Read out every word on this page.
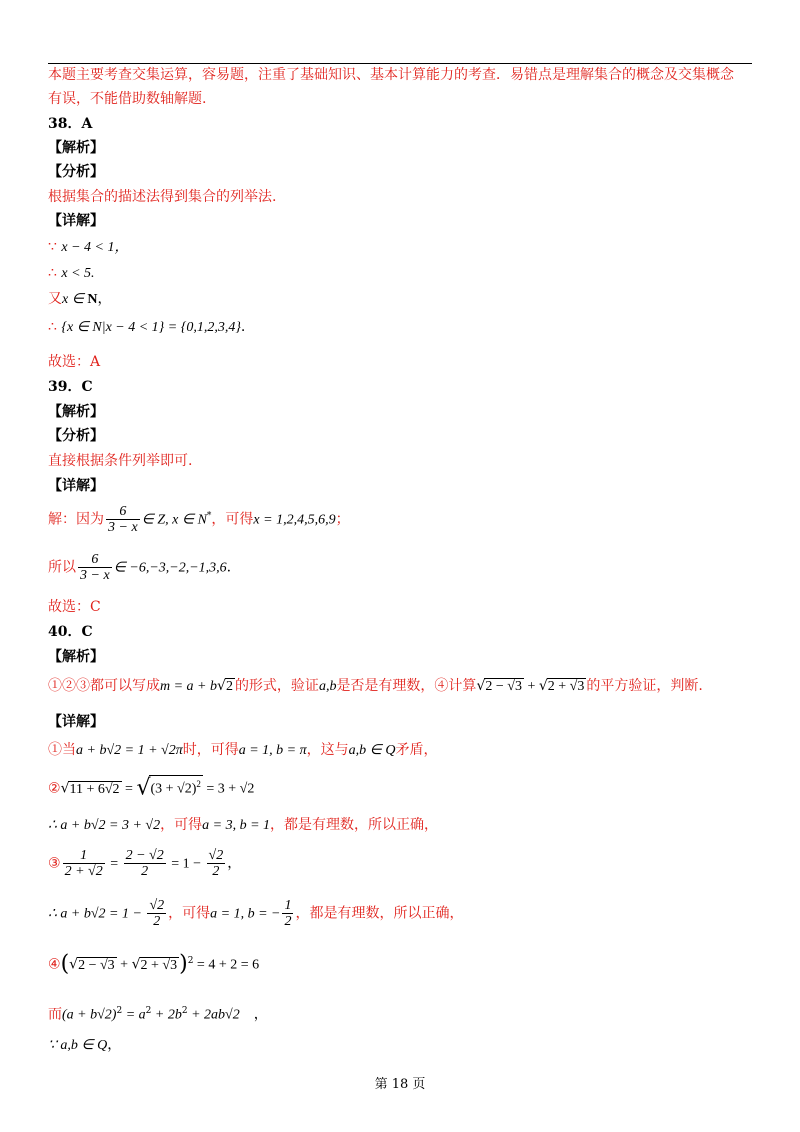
本题主要考查交集运算，容易题，注重了基础知识、基本计算能力的考查．易错点是理解集合的概念及交集概念
有误，不能借助数轴解题.
38．A
【解析】
【分析】
根据集合的描述法得到集合的列举法.
【详解】
∵ x − 4 < 1，
∴ x < 5.
又x ∈ N，
∴ {x ∈ N|x − 4 < 1} = {0,1,2,3,4}.
故选：A
39．C
【解析】
【分析】
直接根据条件列举即可.
【详解】
解：因为 $\frac{6}{3 - x}$ ∈ Z, x ∈ N*，可得x = 1,2,4,5,6,9；
所以 $\frac{6}{3 - x}$ ∈ −6,−3,−2,−1,3,6.
故选：C
40．C
【解析】
①②③都可以写成m = a + b√2 的形式，验证a,b是否是有理数，④计算√2 − √3 + √2 + √3 的平方验证，判断.
【详解】
①当a + b√2 = 1 + √2π时，可得a = 1, b = π，这与a,b ∈ Q矛盾，
②√11 + $6√2 = √(3 + √2)^2 = 3 + √2$
∴ a + b√2 = 3 + √2，可得a = 3, b = 1，都是有理数，所以正确，
③ $\frac{1}{2 + √2} = \frac{2 - √2}{2} = 1 - \frac{√2}{2}$ ，
∴ $a + b√2 = 1 - \frac{√2}{2}$ ，可得a = 1, b = − $\frac{1}{2}$ ，都是有理数，所以正确，
④(√2 − √3 + √2 + √3)$^2$ = 4 + 2 = 6
而$(a + b√2)^2 = a^2 + 2b^2 + 2ab√2$　，
∵ a,b ∈ Q，
第 18 页
